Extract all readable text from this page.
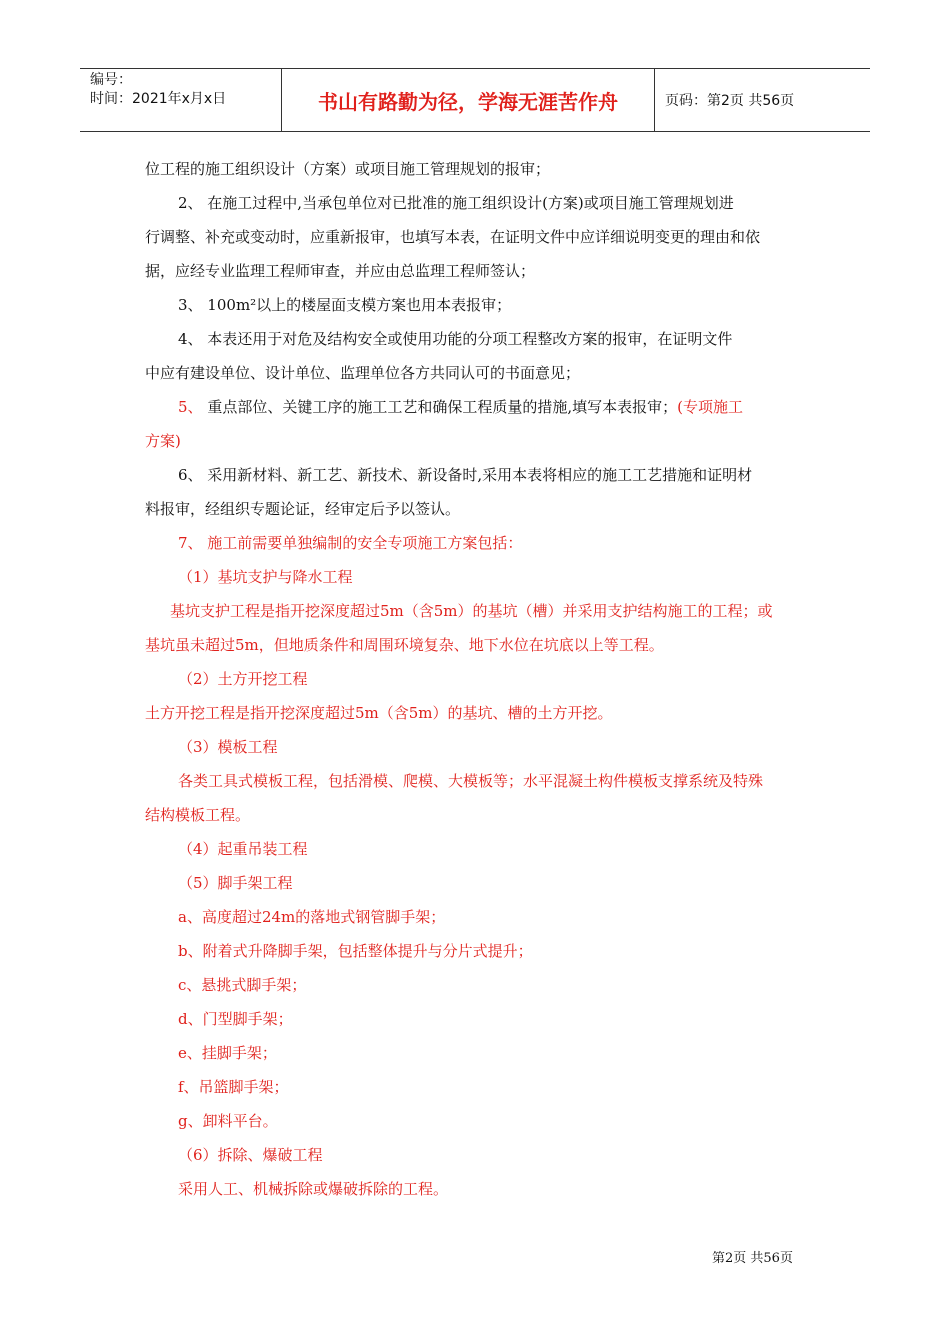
编号：
时间：2021年x月x日	书山有路勤为径，学海无涯苦作舟	页码：第2页 共56页
位工程的施工组织设计（方案）或项目施工管理规划的报审；
2、 在施工过程中,当承包单位对已批准的施工组织设计(方案)或项目施工管理规划进
行调整、补充或变动时，应重新报审，也填写本表，在证明文件中应详细说明变更的理由和依
据，应经专业监理工程师审查，并应由总监理工程师签认；
3、 100m²以上的楼屋面支模方案也用本表报审；
4、 本表还用于对危及结构安全或使用功能的分项工程整改方案的报审，在证明文件
中应有建设单位、设计单位、监理单位各方共同认可的书面意见；
5、 重点部位、关键工序的施工工艺和确保工程质量的措施,填写本表报审；(专项施工
方案)
6、 采用新材料、新工艺、新技术、新设备时,采用本表将相应的施工工艺措施和证明材
料报审，经组织专题论证，经审定后予以签认。
7、 施工前需要单独编制的安全专项施工方案包括：
（1）基坑支护与降水工程
基坑支护工程是指开挖深度超过5m（含5m）的基坑（槽）并采用支护结构施工的工程；或
基坑虽未超过5m，但地质条件和周围环境复杂、地下水位在坑底以上等工程。
（2）土方开挖工程
土方开挖工程是指开挖深度超过5m（含5m）的基坑、槽的土方开挖。
（3）模板工程
各类工具式模板工程，包括滑模、爬模、大模板等；水平混凝土构件模板支撑系统及特殊
结构模板工程。
（4）起重吊装工程
（5）脚手架工程
a、高度超过24m的落地式钢管脚手架；
b、附着式升降脚手架，包括整体提升与分片式提升；
c、悬挑式脚手架；
d、门型脚手架；
e、挂脚手架；
f、吊篮脚手架；
g、卸料平台。
（6）拆除、爆破工程
采用人工、机械拆除或爆破拆除的工程。
第2页 共56页
